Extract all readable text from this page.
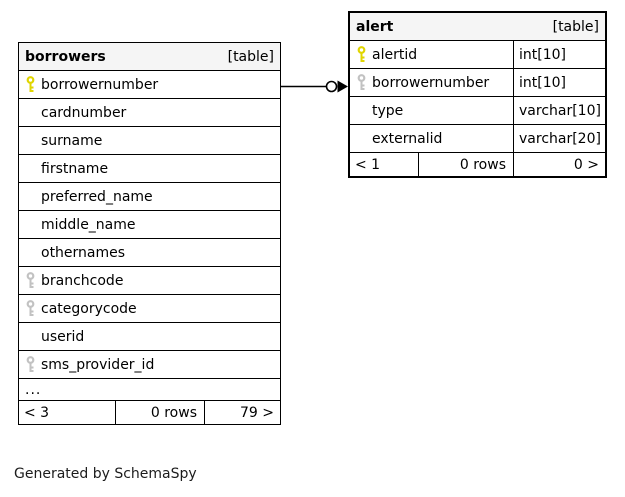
borrowers	[table]
borrowernumber
cardnumber
surname
firstname
preferred_name
middle_name
othernames
branchcode
categorycode
userid
sms_provider_id
...
< 3	0 rows	79 >
alert	[table]
alertid	int[10]
borrowernumber	int[10]
type	varchar[10]
externalid	varchar[20]
< 1	0 rows	0 >
Generated by SchemaSpy
